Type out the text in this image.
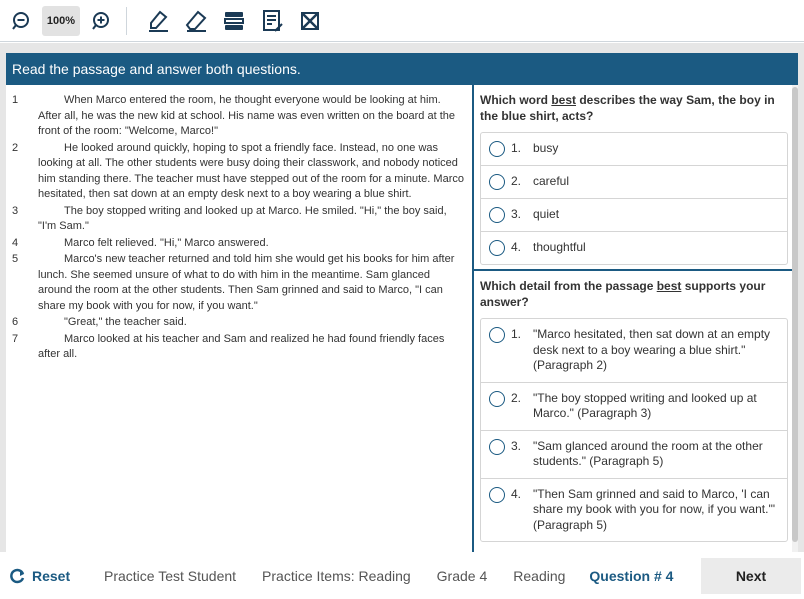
100%
Read the passage and answer both questions.
1	When Marco entered the room, he thought everyone would be looking at him. After all, he was the new kid at school. His name was even written on the board at the front of the room: "Welcome, Marco!"
2	He looked around quickly, hoping to spot a friendly face. Instead, no one was looking at all. The other students were busy doing their classwork, and nobody noticed him standing there. The teacher must have stepped out of the room for a minute. Marco hesitated, then sat down at an empty desk next to a boy wearing a blue shirt.
3	The boy stopped writing and looked up at Marco. He smiled. "Hi," the boy said, "I'm Sam."
4	Marco felt relieved. "Hi," Marco answered.
5	Marco's new teacher returned and told him she would get his books for him after lunch. She seemed unsure of what to do with him in the meantime. Sam glanced around the room at the other students. Then Sam grinned and said to Marco, "I can share my book with you for now, if you want."
6	"Great," the teacher said.
7	Marco looked at his teacher and Sam and realized he had found friendly faces after all.
Which word best describes the way Sam, the boy in the blue shirt, acts?
1. busy
2. careful
3. quiet
4. thoughtful
Which detail from the passage best supports your answer?
1. "Marco hesitated, then sat down at an empty desk next to a boy wearing a blue shirt." (Paragraph 2)
2. "The boy stopped writing and looked up at Marco." (Paragraph 3)
3. "Sam glanced around the room at the other students." (Paragraph 5)
4. "Then Sam grinned and said to Marco, 'I can share my book with you for now, if you want.'" (Paragraph 5)
Reset Practice Test Student Practice Items: Reading Grade 4 Reading Question # 4	Next
